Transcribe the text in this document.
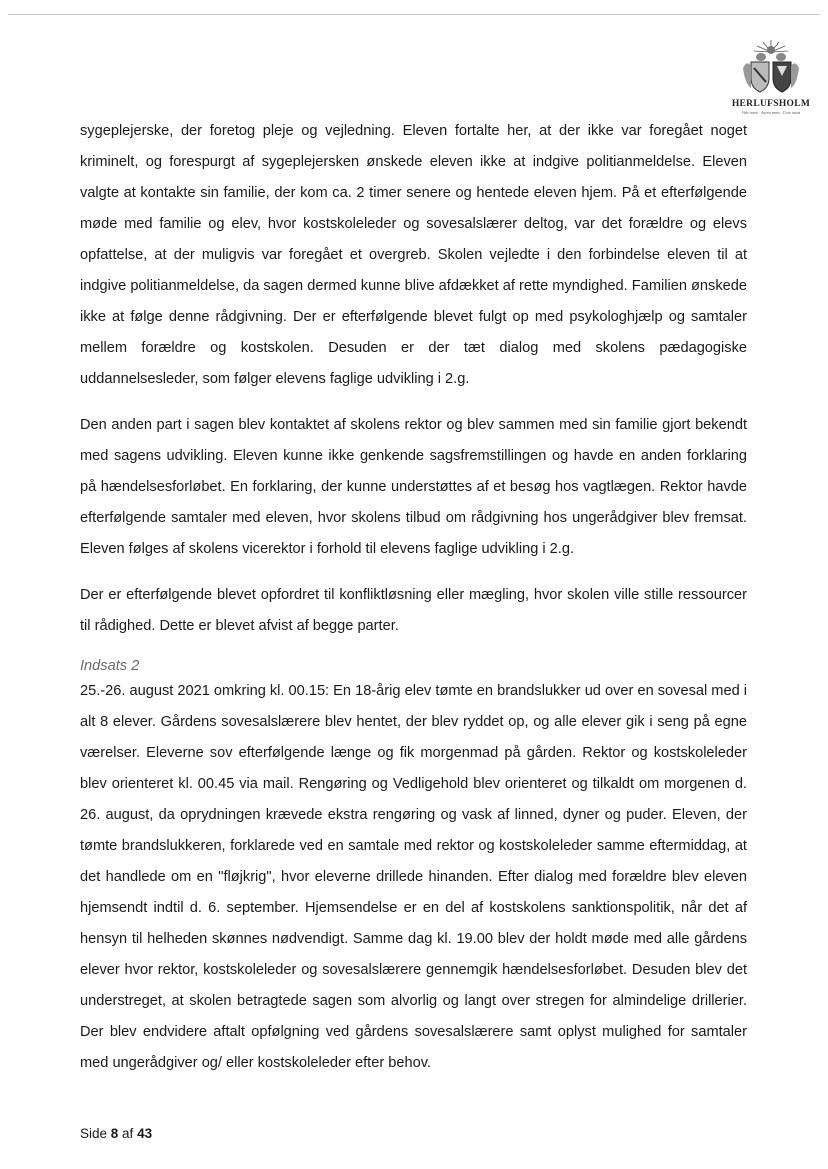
HERLUFSHOLM
Vide mens · Aurea mens · Cave mens

sygeplejerske, der foretog pleje og vejledning. Eleven fortalte her, at der ikke var foregået noget kriminelt, og forespurgt af sygeplejersken ønskede eleven ikke at indgive politianmeldelse. Eleven valgte at kontakte sin familie, der kom ca. 2 timer senere og hentede eleven hjem. På et efterfølgende møde med familie og elev, hvor kostskoleleder og sovesalslærer deltog, var det forældre og elevs opfattelse, at der muligvis var foregået et overgreb. Skolen vejledte i den forbindelse eleven til at indgive politianmeldelse, da sagen dermed kunne blive afdækket af rette myndighed. Familien ønskede ikke at følge denne rådgivning. Der er efterfølgende blevet fulgt op med psykologhjælp og samtaler mellem forældre og kostskolen. Desuden er der tæt dialog med skolens pædagogiske uddannelsesleder, som følger elevens faglige udvikling i 2.g.

Den anden part i sagen blev kontaktet af skolens rektor og blev sammen med sin familie gjort bekendt med sagens udvikling. Eleven kunne ikke genkende sagsfremstillingen og havde en anden forklaring på hændelsesforløbet. En forklaring, der kunne understøttes af et besøg hos vagtlægen. Rektor havde efterfølgende samtaler med eleven, hvor skolens tilbud om rådgivning hos ungerådgiver blev fremsat. Eleven følges af skolens vicerektor i forhold til elevens faglige udvikling i 2.g.

Der er efterfølgende blevet opfordret til konfliktløsning eller mægling, hvor skolen ville stille ressourcer til rådighed. Dette er blevet afvist af begge parter.

Indsats 2

25.-26. august 2021 omkring kl. 00.15: En 18-årig elev tømte en brandslukker ud over en sovesal med i alt 8 elever. Gårdens sovesalslærere blev hentet, der blev ryddet op, og alle elever gik i seng på egne værelser. Eleverne sov efterfølgende længe og fik morgenmad på gården. Rektor og kostskoleleder blev orienteret kl. 00.45 via mail. Rengøring og Vedligehold blev orienteret og tilkaldt om morgenen d. 26. august, da oprydningen krævede ekstra rengøring og vask af linned, dyner og puder. Eleven, der tømte brandslukkeren, forklarede ved en samtale med rektor og kostskoleleder samme eftermiddag, at det handlede om en "fløjkrig", hvor eleverne drillede hinanden. Efter dialog med forældre blev eleven hjemsendt indtil d. 6. september. Hjemsendelse er en del af kostskolens sanktionspolitik, når det af hensyn til helheden skønnes nødvendigt. Samme dag kl. 19.00 blev der holdt møde med alle gårdens elever hvor rektor, kostskoleleder og sovesalslærere gennemgik hændelsesforløbet. Desuden blev det understreget, at skolen betragtede sagen som alvorlig og langt over stregen for almindelige drillerier. Der blev endvidere aftalt opfølgning ved gårdens sovesalslærere samt oplyst mulighed for samtaler med ungerådgiver og/ eller kostskoleleder efter behov.

Side 8 af 43
